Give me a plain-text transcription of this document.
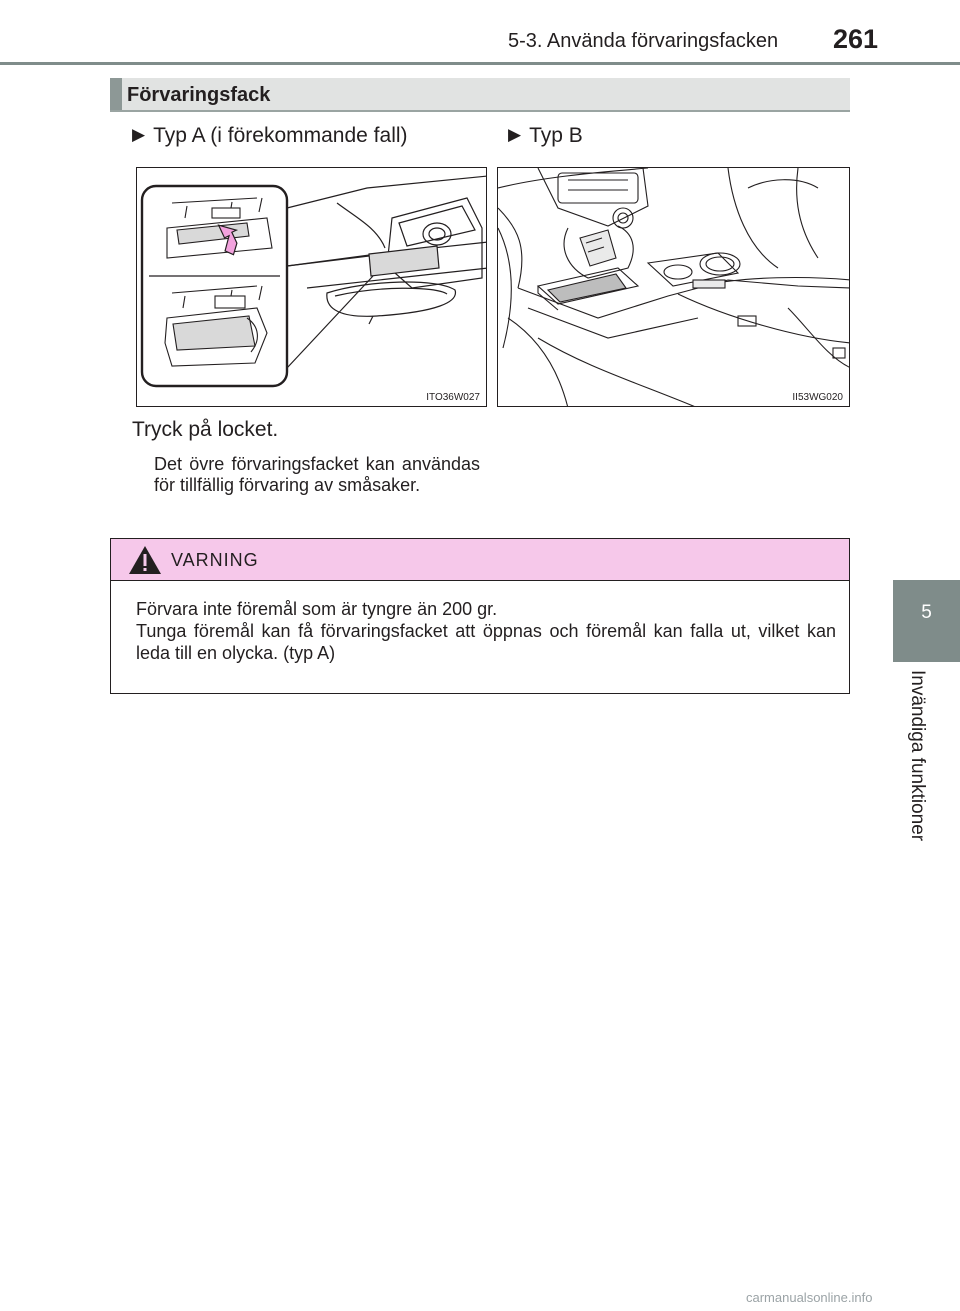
5-3. Använda förvaringsfacken 261
5
Invändiga funktioner
Förvaringsfack
▶ Typ A (i förekommande fall)	▶ Typ B
ITO36W027	II53WG020
Tryck på locket.
Det övre förvaringsfacket kan användas för tillfällig förvaring av småsaker.
VARNING

Förvara inte föremål som är tyngre än 200 gr.

Tunga föremål kan få förvaringsfacket att öppnas och föremål kan falla ut, vilket kan leda till en olycka. (typ A)

carmanualsonline.info
